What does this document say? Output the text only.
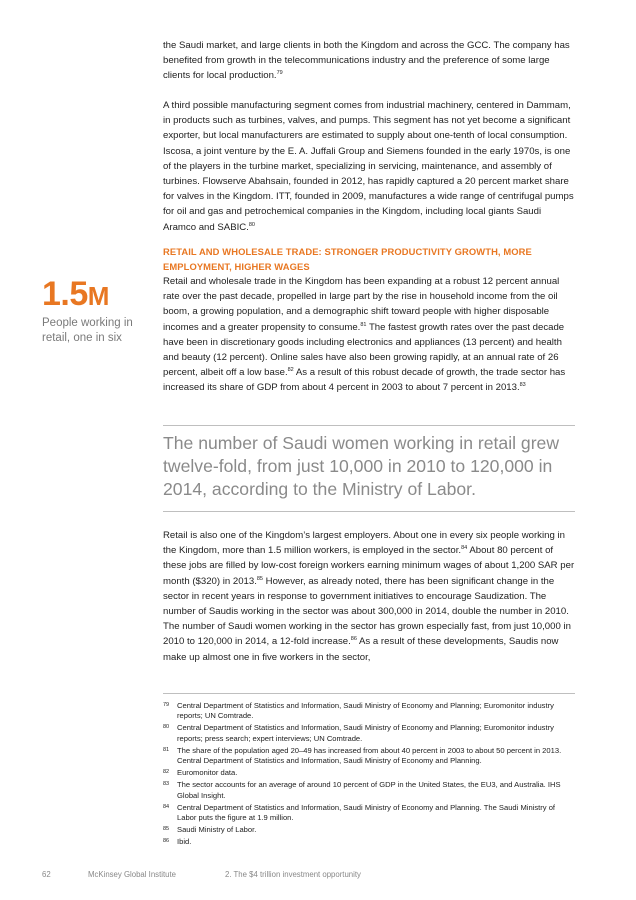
the Saudi market, and large clients in both the Kingdom and across the GCC. The company has benefited from growth in the telecommunications industry and the preference of some large clients for local production.$^{79}$

A third possible manufacturing segment comes from industrial machinery, centered in Dammam, in products such as turbines, valves, and pumps. This segment has not yet become a significant exporter, but local manufacturers are estimated to supply about one-tenth of local consumption. Iscosa, a joint venture by the E. A. Juffali Group and Siemens founded in the early 1970s, is one of the players in the turbine market, specializing in servicing, maintenance, and assembly of turbines. Flowserve Abahsain, founded in 2012, has rapidly captured a 20 percent market share for valves in the Kingdom. ITT, founded in 2009, manufactures a wide range of centrifugal pumps for oil and gas and petrochemical companies in the Kingdom, including local giants Saudi Aramco and SABIC.$^{80}$

RETAIL AND WHOLESALE TRADE: STRONGER PRODUCTIVITY GROWTH, MORE EMPLOYMENT, HIGHER WAGES
1.5M
People working in retail, one in six

Retail and wholesale trade in the Kingdom has been expanding at a robust 12 percent annual rate over the past decade, propelled in large part by the rise in household income from the oil boom, a growing population, and a demographic shift toward people with higher disposable incomes and a greater propensity to consume.$^{81}$ The fastest growth rates over the past decade have been in discretionary goods including electronics and appliances (13 percent) and health and beauty (12 percent). Online sales have also been growing rapidly, at an annual rate of 26 percent, albeit off a low base.$^{82}$ As a result of this robust decade of growth, the trade sector has increased its share of GDP from about 4 percent in 2003 to about 7 percent in 2013.83

The number of Saudi women working in retail grew twelve-fold, from just 10,000 in 2010 to 120,000 in 2014, according to the Ministry of Labor.

Retail is also one of the Kingdom’s largest employers. About one in every six people working in the Kingdom, more than 1.5 million workers, is employed in the sector.$^{84}$ About 80 percent of these jobs are filled by low-cost foreign workers earning minimum wages of about 1,200 SAR per month ($320) in 2013.85 However, as already noted, there has been significant change in the sector in recent years in response to government initiatives to encourage Saudization. The number of Saudis working in the sector was about 300,000 in 2014, double the number in 2010. The number of Saudi women working in the sector has grown especially fast, from just 10,000 in 2010 to 120,000 in 2014, a 12-fold increase.$^{86}$ As a result of these developments, Saudis now make up almost one in five workers in the sector,

79 Central Department of Statistics and Information, Saudi Ministry of Economy and Planning; Euromonitor industry reports; UN Comtrade.
80 Central Department of Statistics and Information, Saudi Ministry of Economy and Planning; Euromonitor industry reports; press search; expert interviews; UN Comtrade.
81 The share of the population aged 20–49 has increased from about 40 percent in 2003 to about 50 percent in 2013. Central Department of Statistics and Information, Saudi Ministry of Economy and Planning.
82 Euromonitor data.
83 The sector accounts for an average of around 10 percent of GDP in the United States, the EU3, and Australia. IHS Global Insight.
84 Central Department of Statistics and Information, Saudi Ministry of Economy and Planning. The Saudi Ministry of Labor puts the figure at 1.9 million.
85 Saudi Ministry of Labor.
86 Ibid.
62	McKinsey Global Institute	2. The $4 trillion investment opportunity
